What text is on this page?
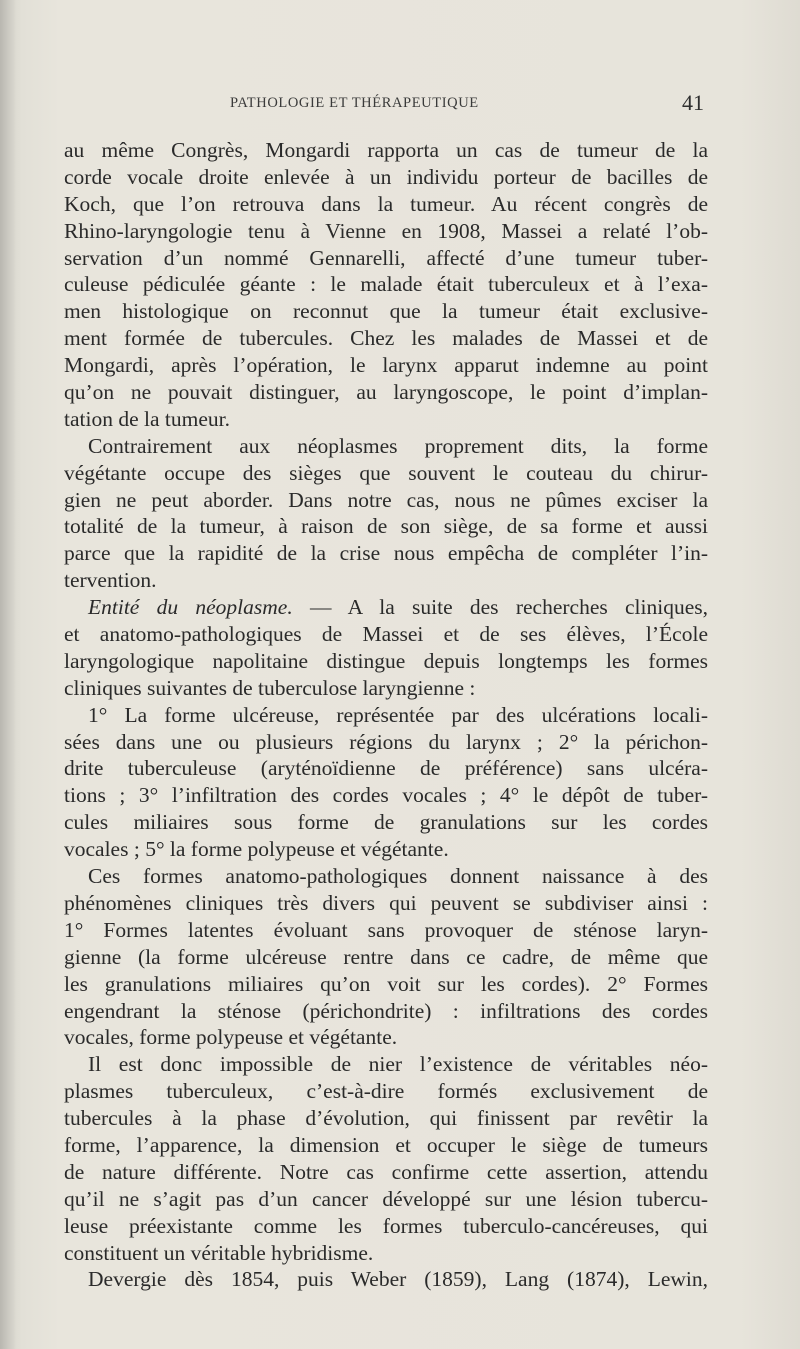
PATHOLOGIE ET THÉRAPEUTIQUE	41
au même Congrès, Mongardi rapporta un cas de tumeur de la
corde vocale droite enlevée à un individu porteur de bacilles de
Koch, que l’on retrouva dans la tumeur. Au récent congrès de
Rhino-laryngologie tenu à Vienne en 1908, Massei a relaté l’ob-
servation d’un nommé Gennarelli, affecté d’une tumeur tuber-
culeuse pédiculée géante : le malade était tuberculeux et à l’exa-
men histologique on reconnut que la tumeur était exclusive-
ment formée de tubercules. Chez les malades de Massei et de
Mongardi, après l’opération, le larynx apparut indemne au point
qu’on ne pouvait distinguer, au laryngoscope, le point d’implan-
tation de la tumeur.
Contrairement aux néoplasmes proprement dits, la forme
végétante occupe des sièges que souvent le couteau du chirur-
gien ne peut aborder. Dans notre cas, nous ne pûmes exciser la
totalité de la tumeur, à raison de son siège, de sa forme et aussi
parce que la rapidité de la crise nous empêcha de compléter l’in-
tervention.
Entité du néoplasme. — A la suite des recherches cliniques,
et anatomo-pathologiques de Massei et de ses élèves, l’École
laryngologique napolitaine distingue depuis longtemps les formes
cliniques suivantes de tuberculose laryngienne :
1° La forme ulcéreuse, représentée par des ulcérations locali-
sées dans une ou plusieurs régions du larynx ; 2° la périchon-
drite tuberculeuse (aryténoïdienne de préférence) sans ulcéra-
tions ; 3° l’infiltration des cordes vocales ; 4° le dépôt de tuber-
cules miliaires sous forme de granulations sur les cordes
vocales ; 5° la forme polypeuse et végétante.
Ces formes anatomo-pathologiques donnent naissance à des
phénomènes cliniques très divers qui peuvent se subdiviser ainsi :
1° Formes latentes évoluant sans provoquer de sténose laryn-
gienne (la forme ulcéreuse rentre dans ce cadre, de même que
les granulations miliaires qu’on voit sur les cordes). 2° Formes
engendrant la sténose (périchondrite) : infiltrations des cordes
vocales, forme polypeuse et végétante.
Il est donc impossible de nier l’existence de véritables néo-
plasmes tuberculeux, c’est-à-dire formés exclusivement de
tubercules à la phase d’évolution, qui finissent par revêtir la
forme, l’apparence, la dimension et occuper le siège de tumeurs
de nature différente. Notre cas confirme cette assertion, attendu
qu’il ne s’agit pas d’un cancer développé sur une lésion tubercu-
leuse préexistante comme les formes tuberculo-cancéreuses, qui
constituent un véritable hybridisme.
Devergie dès 1854, puis Weber (1859), Lang (1874), Lewin,
